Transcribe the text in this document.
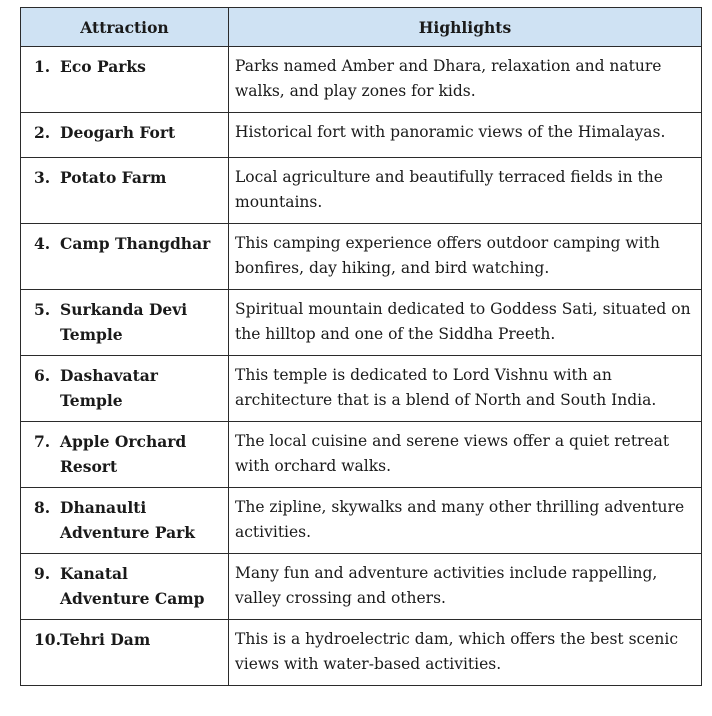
Attraction	Highlights

1. Eco Parks	Parks named Amber and Dhara, relaxation and nature walks, and play zones for kids.

2. Deogarh Fort	Historical fort with panoramic views of the Himalayas.

3. Potato Farm	Local agriculture and beautifully terraced fields in the mountains.

4. Camp Thangdhar	This camping experience offers outdoor camping with bonfires, day hiking, and bird watching.

5. Surkanda Devi Temple	Spiritual mountain dedicated to Goddess Sati, situated on the hilltop and one of the Siddha Preeth.

6. Dashavatar Temple	This temple is dedicated to Lord Vishnu with an architecture that is a blend of North and South India.

7. Apple Orchard Resort	The local cuisine and serene views offer a quiet retreat with orchard walks.

8. Dhanaulti Adventure Park	The zipline, skywalks and many other thrilling adventure activities.

9. Kanatal Adventure Camp	Many fun and adventure activities include rappelling, valley crossing and others.

10. Tehri Dam	This is a hydroelectric dam, which offers the best scenic views with water-based activities.
